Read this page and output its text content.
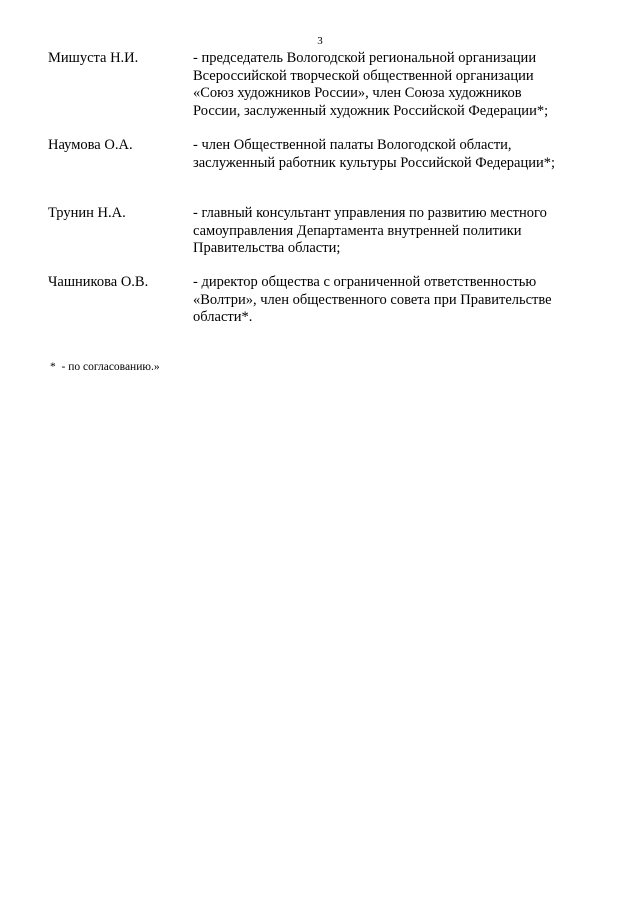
3
Мишуста Н.И.	- председатель Вологодской региональной организации
Всероссийской творческой общественной организации
«Союз художников России», член Союза художников
России, заслуженный художник Российской Федерации*;
Наумова О.А.	- член Общественной палаты Вологодской области,
заслуженный работник культуры Российской Федерации*;
Трунин Н.А.	- главный консультант управления по развитию местного
самоуправления Департамента внутренней политики
Правительства области;
Чашникова О.В.	- директор общества с ограниченной ответственностью
«Волтри», член общественного совета при Правительстве
области*.
*  - по согласованию.»
